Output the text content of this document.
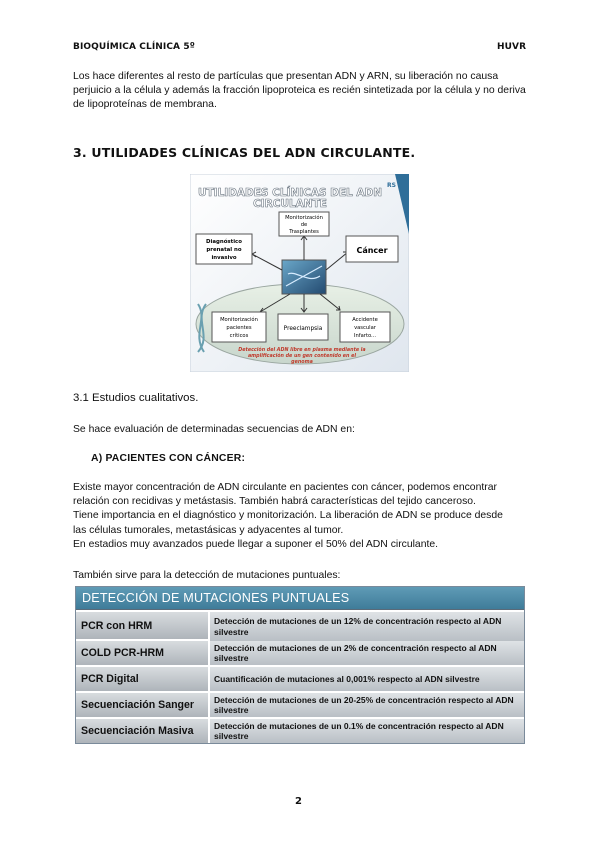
BIOQUÍMICA CLÍNICA 5º	HUVR

Los hace diferentes al resto de partículas que presentan ADN y ARN, su liberación no causa perjuicio a la célula y además la fracción lipoproteica es recién sintetizada por la célula y no deriva de lipoproteínas de membrana.

3. UTILIDADES CLÍNICAS DEL ADN CIRCULANTE.
RS
UTILIDADES CLÍNICAS DEL ADN
CIRCULANTE
Monitorización
de
Trasplantes
Diagnóstico
prenatal no
invasivo
Cáncer
Monitorización
pacientes
críticos
Preeclampsia
Accidente
vascular
Infarto...
Detección del ADN libre en plasma mediante la
amplificación de un gen contenido en el
genoma
3.1 Estudios cualitativos.
Se hace evaluación de determinadas secuencias de ADN en:
A) PACIENTES CON CÁNCER:
Existe mayor concentración de ADN circulante en pacientes con cáncer, podemos encontrar
relación con recidivas y metástasis. También habrá características del tejido canceroso.
Tiene importancia en el diagnóstico y monitorización. La liberación de ADN se produce desde
las células tumorales, metastásicas y adyacentes al tumor.
En estadios muy avanzados puede llegar a suponer el 50% del ADN circulante.
También sirve para la detección de mutaciones puntuales:
DETECCIÓN DE MUTACIONES PUNTUALES
PCR con HRM	Detección de mutaciones de un 12% de concentración respecto al ADN silvestre
COLD PCR-HRM	Detección de mutaciones de un 2% de concentración respecto al ADN silvestre
PCR Digital	Cuantificación de mutaciones al 0,001% respecto al ADN silvestre
Secuenciación Sanger	Detección de mutaciones de un 20-25% de concentración respecto al ADN silvestre
Secuenciación Masiva	Detección de mutaciones de un 0.1% de concentración respecto al ADN silvestre
2
